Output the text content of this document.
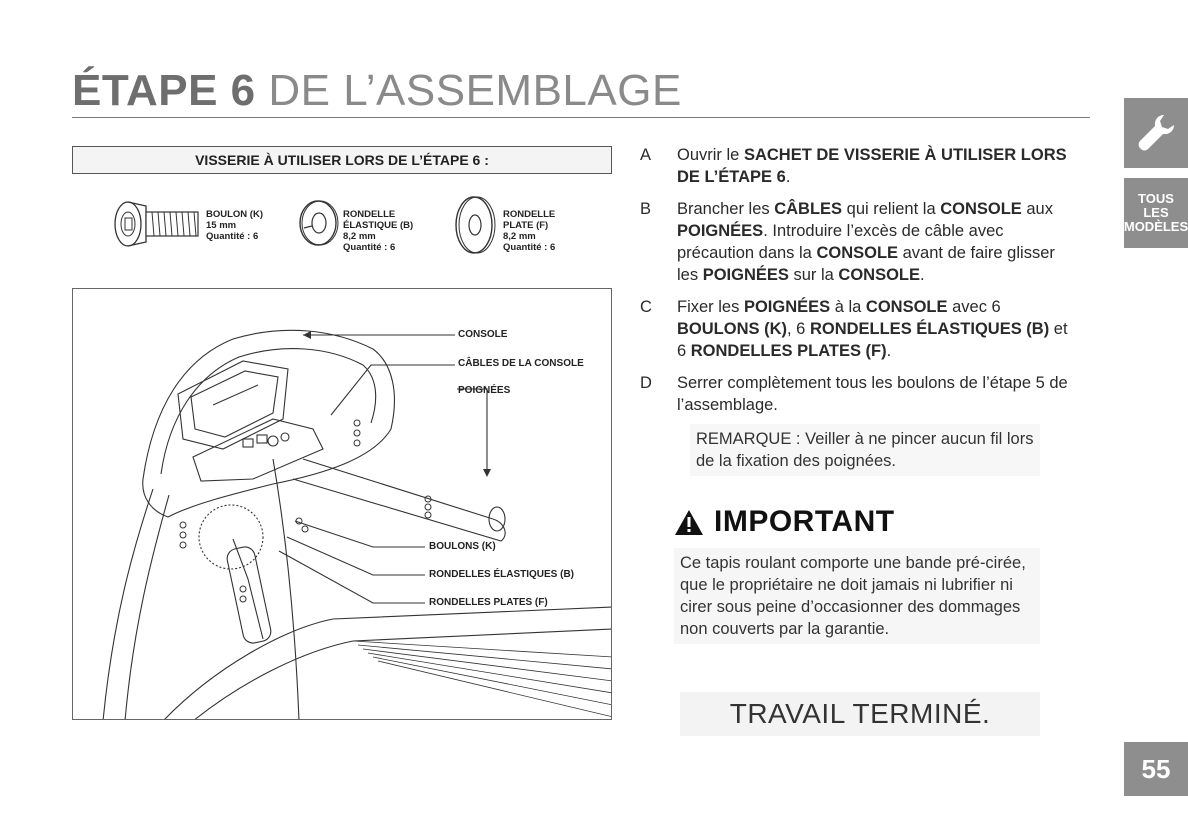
ÉTAPE 6 DE L’ASSEMBLAGE
VISSERIE À UTILISER LORS DE L’ÉTAPE 6 :
BOULON (K)
15 mm
Quantité : 6
RONDELLE
ÉLASTIQUE (B)
8,2 mm
Quantité : 6
RONDELLE
PLATE (F)
8,2 mm
Quantité : 6
CONSOLE
CÂBLES DE LA CONSOLE
POIGNÉES
BOULONS (K)
RONDELLES ÉLASTIQUES (B)
RONDELLES PLATES (F)
A Ouvrir le SACHET DE VISSERIE À UTILISER LORS DE L’ÉTAPE 6.
B Brancher les CÂBLES qui relient la CONSOLE aux POIGNÉES. Introduire l’excès de câble avec précaution dans la CONSOLE avant de faire glisser les POIGNÉES sur la CONSOLE.
C Fixer les POIGNÉES à la CONSOLE avec 6 BOULONS (K), 6 RONDELLES ÉLASTIQUES (B) et 6 RONDELLES PLATES (F).
D Serrer complètement tous les boulons de l’étape 5 de l’assemblage.
REMARQUE : Veiller à ne pincer aucun fil lors de la fixation des poignées.
IMPORTANT
Ce tapis roulant comporte une bande pré-cirée, que le propriétaire ne doit jamais ni lubrifier ni cirer sous peine d’occasionner des dommages non couverts par la garantie.
TRAVAIL TERMINÉ.
TOUS
LES
MODÈLES
55
